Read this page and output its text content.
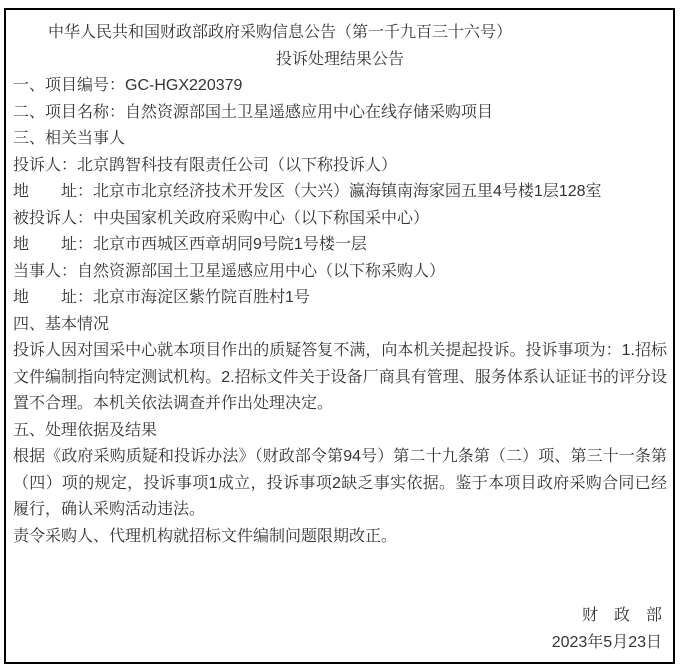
中华人民共和国财政部政府采购信息公告（第一千九百三十六号）
投诉处理结果公告
一、项目编号：GC-HGX220379
二、项目名称：自然资源部国土卫星遥感应用中心在线存储采购项目
三、相关当事人
投诉人：北京鹍智科技有限责任公司（以下称投诉人）
地　　址：北京市北京经济技术开发区（大兴）瀛海镇南海家园五里4号楼1层128室
被投诉人：中央国家机关政府采购中心（以下称国采中心）
地　　址：北京市西城区西章胡同9号院1号楼一层
当事人：自然资源部国土卫星遥感应用中心（以下称采购人）
地　　址：北京市海淀区紫竹院百胜村1号
四、基本情况
投诉人因对国采中心就本项目作出的质疑答复不满，向本机关提起投诉。投诉事项为：1.招标文件编制指向特定测试机构。2.招标文件关于设备厂商具有管理、服务体系认证证书的评分设置不合理。本机关依法调查并作出处理决定。
五、处理依据及结果
根据《政府采购质疑和投诉办法》（财政部令第94号）第二十九条第（二）项、第三十一条第（四）项的规定，投诉事项1成立，投诉事项2缺乏事实依据。鉴于本项目政府采购合同已经履行，确认采购活动违法。
责令采购人、代理机构就招标文件编制问题限期改正。
财　政　部
2023年5月23日
